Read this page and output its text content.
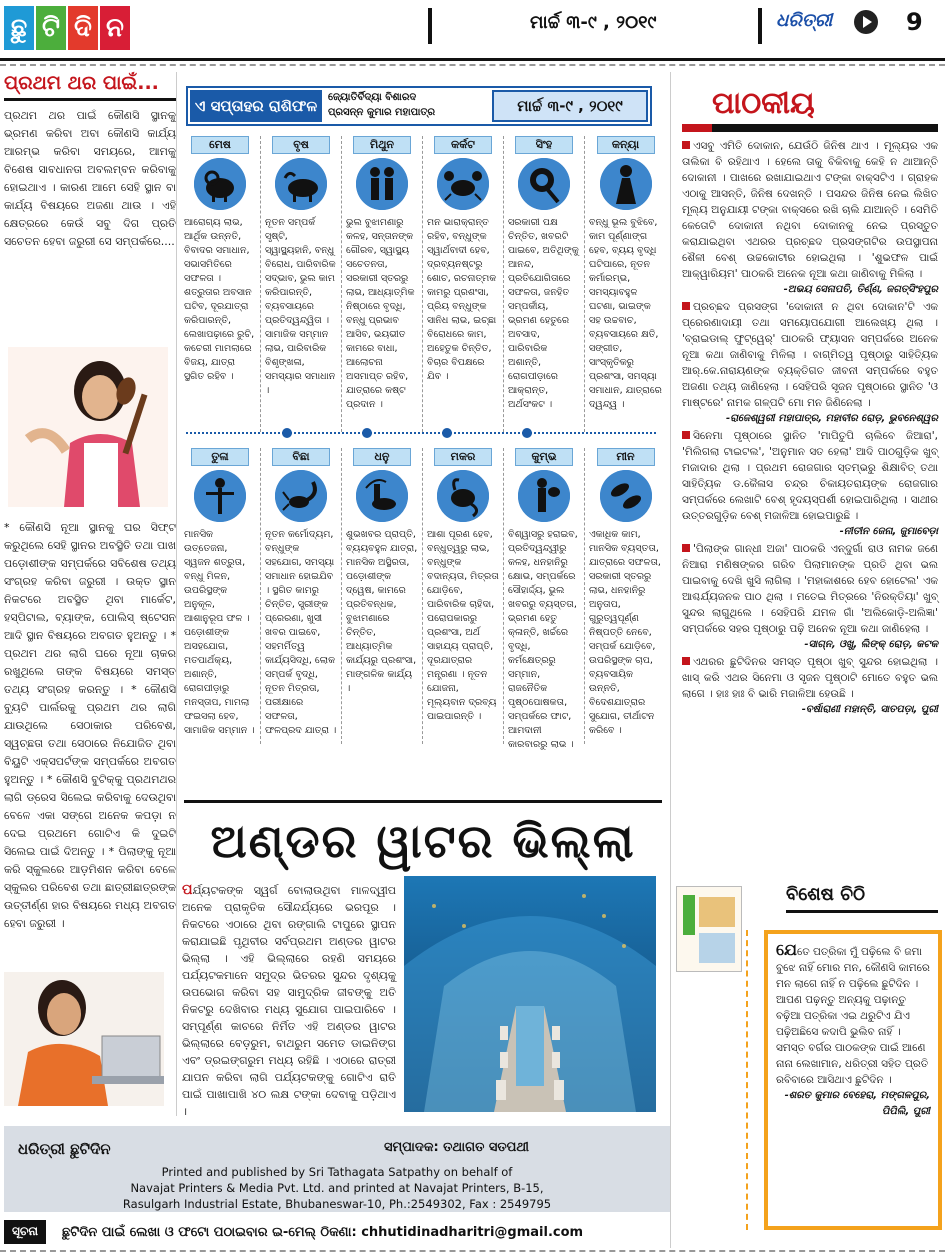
ଛୁ ଟି ଦି ନ	ମାର୍ଚ୍ଚ ୩-୯ , ୨୦୧୯	ଧରିତ୍ରୀ	9
ପ୍ରଥମ ଥର ପାଇଁ...

ପ୍ରଥମ ଥର ପାଇଁ କୌଣସି ସ୍ଥାନକୁ ଭ୍ରମଣ କରିବା ଅବା କୌଣସି କାର୍ଯ୍ୟ ଆରମ୍ଭ କରିବା ସମୟରେ, ଆମକୁ ବିଶେଷ ସାବଧାନତା ଅବଲମ୍ବନ କରିବାକୁ ହୋଇଥାଏ । କାରଣ ଆମେ ସେହି ସ୍ଥାନ ବା କାର୍ଯ୍ୟ ବିଷୟରେ ଅଜଣା ଥାଉ । ଏହି କ୍ଷେତ୍ରରେ କେଉଁ ସବୁ ଦିଗ ପ୍ରତି ସଚେତନ ହେବା ଜରୁରୀ ସେ ସମ୍ପର୍କରେ....

* କୌଣସି ନୂଆ ସ୍ଥାନକୁ ଘର ସିଫ୍ଟ କରୁଥିଲେ ସେହି ସ୍ଥାନର ଅବସ୍ଥିତି ତଥା ପାଖ ପଡ଼ୋଶୀଙ୍କ ସମ୍ପର୍କରେ ସବିଶେଷ ତଥ୍ୟ ସଂଗ୍ରହ କରିବା ଜରୁରୀ । ଉକ୍ତ ସ୍ଥାନ ନିକଟରେ ଅବସ୍ଥିତ ଥିବା ମାର୍କେଟ, ହସ୍ପିଟାଲ, ବ୍ୟାଙ୍କ, ପୋଲିସ୍ ଷ୍ଟେସନ ଆଦି ସ୍ଥାନ ବିଷୟରେ ଅବଗତ ହୁଅନ୍ତୁ । * ପ୍ରଥମ ଥର ଲାଗି ଘରେ ନୂଆ ଚାକର ରଖୁଥିଲେ ତାଙ୍କ ବିଷୟରେ ସମସ୍ତ ତଥ୍ୟ ସଂଗ୍ରହ କରନ୍ତୁ । * କୌଣସି ବ୍ୟୁଟି ପାର୍ଲରକୁ ପ୍ରଥମ ଥର ଲାଗି ଯାଉଥିଲେ ସେଠାକାର ପରିବେଶ, ସ୍ୱଚ୍ଛତା ତଥା ସେଠାରେ ନିଯୋଜିତ ଥିବା ବିୟୁଟି ଏକ୍ସପର୍ଟଙ୍କ ସମ୍ପର୍କରେ ଅବଗତ ହୁଅନ୍ତୁ । * କୌଣସି ବୁଟିକ୍‌କୁ ପ୍ରଥମଥର ଲାଗି ଡ୍ରେସ ସିଲେଇ କରିବାକୁ ଦେଉଥିବା ବେଳେ ଏକା ସଙ୍ଗେ ଅନେକ କପଡ଼ା ନ ଦେଇ ପ୍ରଥମେ ଗୋଟିଏ କି ଦୁଇଟି ସିଲେଇ ପାଇଁ ଦିଅନ୍ତୁ । * ପିଲାଙ୍କୁ ନୂଆ କରି ସ୍କୁଲରେ ଆଡ଼ମିଶନ କରିବା ବେଳେ ସ୍କୁଲର ପରିବେଶ ତଥା ଛାତ୍ରୀଛାତ୍ରଙ୍କ ଉତ୍ତୀର୍ଣ୍ଣ ହାର ବିଷୟରେ ମଧ୍ୟ ଅବଗତ ହେବା ଜରୁରୀ ।

ଏ ସପ୍ତାହର ରାଶିଫଳ	ଜ୍ୟୋତିର୍ବିଦ୍ୟା ବିଶାରଦ
ପ୍ରସନ୍ନ କୁମାର ମହାପାତ୍ର	ମାର୍ଚ୍ଚ ୩-୯ , ୨୦୧୯
ମେଷ
ଆରୋଗ୍ୟ ଲାଭ, ଆର୍ଥିକ ଉନ୍ନତି, ବିବାଦର ସମାଧାନ, ସଭାସମିତିରେ ସଫଳତା । ଶତ୍ରୁତାର ଅବସାନ ଘଟିବ, ଦୂରଯାତ୍ରା କରିପାରନ୍ତି, ଲେଖାପଢ଼ାରେ ରୁଚି, କଚେରୀ ମାମଲାରେ ବିଜୟ, ଯାତ୍ରା ସ୍ଥଗିତ ରହିବ ।
ବୃଷ
ନୂତନ ସମ୍ପର୍କ ସୃଷ୍ଟି, ସ୍ୱାସ୍ଥ୍ୟହାନି, ବନ୍ଧୁ ବିରୋଧ, ପାରିବାରିକ ସଦ୍‌ଭାବ, ଭୁଲ କାମ କରିପାରନ୍ତି, ବ୍ୟବସାୟରେ ପ୍ରତିଦ୍ୱନ୍ଦ୍ୱିତା । ସାମାଜିକ ସମ୍ମାନ ଲାଭ, ପାରିବାରିକ ବିଶୃଙ୍ଖଳା, ସମସ୍ୟାର ସମାଧାନ ।
ମିଥୁନ
ଭୁଲ ବୁଝାମଣାରୁ କଳହ, ସନ୍ତାନଙ୍କ ଗୌରବ, ସ୍ୱାସ୍ଥ୍ୟ ସଚେତନତା, ସରକାରୀ ସ୍ତରରୁ ଲାଭ, ଆଧ୍ୟାତ୍ମିକ ନିଷ୍ଠାରେ ବୃଦ୍ଧି, ବନ୍ଧୁ ପ୍ରଭାବ ଆସିବ, ଭୟଭୀତ କାମରେ ବାଧା, ଆଲୋଚନା ଅସମାପ୍ତ ରହିବ, ଯାତ୍ରାରେ କଷ୍ଟ ପ୍ରଦାନ ।
କର୍କଟ
ମନ ଭାରାକ୍ରାନ୍ତ ରହିବ, ବନ୍ଧୁଙ୍କ ସ୍ୱାର୍ଥବାଦୀ ହେବ, ଦ୍ରବ୍ୟନଷ୍ଟରୁ ଶୋଚ, ରଚନାତ୍ମକ କାମରୁ ପ୍ରଶଂସା, ପ୍ରିୟ ବନ୍ଧୁଙ୍କ ସାନିଧ ଲାଭ, ଇଚ୍ଛା ବିରୋଧରେ କାମ, ଅହେତୁକ ଚିନ୍ତିତ, ବିଚାର ବିପକ୍ଷରେ ଯିବ ।
ସିଂହ
ସରକାରୀ ପକ୍ଷ ଚିନ୍ତିତ, ଖବରଟି ପାଇବେ, ଅତିଥିଙ୍କୁ ଆନନ୍ଦ, ପ୍ରତିଯୋଗିତାରେ ସଫଳତା, ଜନହିତ ସମ୍ପର୍କୀୟ, ଭ୍ରମଣ ହେତୁରେ ଅବସାଦ, ପାରିବାରିକ ଅଶାନ୍ତି, ରୋଗପୀଡ଼ାରେ ଆକ୍ରାନ୍ତ, ଅର୍ଥସଂକଟ ।
କନ୍ୟା
ବନ୍ଧୁ ଭୂଲ ବୁଝିବେ, କାମ ପୂର୍ଣ୍ଣାଙ୍ଗ ହେବ, ବ୍ୟୟ ବୃଦ୍ଧି ଘଟିପାରେ, ନୂତନ କର୍ମାରମ୍ଭ, ସମସ୍ୟାବହୁଳ ଘଟଣା, ଭାଇଙ୍କ ସହ ଉଚ୍ଚବାଚ, ବ୍ୟବସାୟରେ କ୍ଷତି, ସଙ୍ଗୀତ, ସାଂସ୍କୃତିକରୁ ପ୍ରଶଂସା, ସମସ୍ୟା ସମାଧାନ, ଯାତ୍ରାରେ ଦ୍ୱନ୍ଦ୍ୱ ।
ତୁଳା
ମାନସିକ ଉତ୍ତେଜନା, ସ୍ୱଜନ ଶତ୍ରୁତା, ବନ୍ଧୁ ମିଳନ, ଉପରିସ୍ଥଙ୍କ ଅନୁକୂଳ, ଆଶାନୁରୂପ ଫଳ । ପଡ଼ୋଶୀଙ୍କ ଅସହଯୋଗ, ମତପାର୍ଥକ୍ୟ, ଅଶାନ୍ତି, ରୋଗପୀଡ଼ାରୁ ମନସ୍ତାପ, ମାମଲା ଫଇସଲା ହେବ, ସାମାଜିକ ସମ୍ମାନ ।
ବିଛା
ନୂତନ କର୍ମୋଦ୍ୟମ, ବନ୍ଧୁଙ୍କ ସହଯୋଗ, ସମସ୍ୟା ସମାଧାନ ହୋଇଯିବ । ସ୍ଥଗିତ କାମରୁ ଚିନ୍ତିତ, ସ୍ତ୍ରୀଙ୍କ ପ୍ରେରଣା, ଖୁସୀ ଖବର ପାଇବେ, ସହମର୍ମିତ୍ୱ କାର୍ଯ୍ୟସିଦ୍ଧି, ଲୋକ ସମ୍ପର୍କ ବୃଦ୍ଧି, ନୂତନ ମିତ୍ରତା, ପରୀକ୍ଷାରେ ସଫଳତା, ଫଳପ୍ରଦ ଯାତ୍ରା ।
ଧନୁ
ଶୁଭଖବର ପ୍ରାପ୍ତି, ବ୍ୟୟବହୁଳ ଯାତ୍ରା, ମାନସିକ ଅସ୍ଥିରତା, ପଡ଼ୋଶୀଙ୍କ ଦ୍ୱେଷ, କାମରେ ପ୍ରତିବନ୍ଧକ, ବୁଝାମଣାରେ ଚିନ୍ତିତ, ଆଧ୍ୟାତ୍ମିକ କାର୍ଯ୍ୟରୁ ପ୍ରଶଂସା, ମାଙ୍ଗଳିକ କାର୍ଯ୍ୟ ।
ମକର
ଆଶା ପୂରଣ ହେବ, ବନ୍ଧୁତ୍ୱରୁ ଲାଭ, ବନ୍ଧୁଙ୍କ ବଦାନ୍ୟତା, ମିତ୍ରତା ଯୋଡ଼ିବେ, ପାରିବାରିକ ଚାହିଦା, ପରୋପକାରରୁ ପ୍ରଶଂସା, ଅର୍ଥ ସାହାଯ୍ୟ ପ୍ରାପ୍ତି, ଦୂରଯାତ୍ରାର ମନ୍ତ୍ରଣା । ନୂତନ ଯୋଜନା, ମୂଲ୍ୟବାନ ଦ୍ରବ୍ୟ ପାଇପାରନ୍ତି ।
କୁମ୍ଭ
ବିଶ୍ୱାସରୁ ହରାଇବ, ପ୍ରତିଦ୍ୱନ୍ଦ୍ୱୀରୁ କଳହ, ଧନହାନିରୁ କ୍ଷୋଭ, ସମ୍ପର୍କରେ ସୌହାର୍ଦ୍ଦ୍ୟ, ଭୁଲ ଖବରରୁ ବ୍ୟସ୍ତତା, ଭ୍ରମଣ ହେତୁ କ୍ଳାନ୍ତି, ଖର୍ଚ୍ଚରେ ବୃଦ୍ଧି, କର୍ମକ୍ଷେତ୍ରରୁ ସମ୍ମାନ, ରାଜନୈତିକ ପୃଷ୍ଠପୋଷକତା, ସମ୍ପର୍କରେ ଫାଟ, ଆମଦାନୀ କାରବାରରୁ ଲାଭ ।
ମୀନ
ଏକାଧିକ କାମ, ମାନସିକ ବ୍ୟସ୍ତତା, ଯାତ୍ରାରେ ସଫଳତା, ସରକାରୀ ସ୍ତରରୁ ଲାଭ, ଧନହାନିରୁ ଅନୁତାପ, ଗୁରୁତ୍ୱପୂର୍ଣ୍ଣ ନିଷ୍ପତ୍ତି ନେବେ, ସମ୍ପର୍କ ଯୋଡ଼ିବେ, ଉପରିସ୍ଥଙ୍କ ଚାପ, ବ୍ୟବସାୟିକ ଉନ୍ନତି, ବିଦେଶଯାତ୍ରାର ସୁଯୋଗ, ତୀର୍ଥାଟନ କରିବେ ।
ଅଣ୍ଡର ୱାଟର ଭିଲ୍ଲା
ପର୍ଯ୍ୟଟକଙ୍କ ସ୍ୱର୍ଗ ବୋଲାଉଥିବା ମାଳଦ୍ୱୀପ ଅନେକ ପ୍ରାକୃତିକ ସୌନ୍ଦର୍ଯ୍ୟରେ ଭରପୂର । ନିକଟରେ ଏଠାରେ ଥିବା ରଙ୍ଗାଲି ଟାପୁରେ ସ୍ଥାପନ କରାଯାଇଛି ପୃଥିବୀର ସର୍ବପ୍ରଥମ ଅଣ୍ଡର ୱାଟର ଭିଲ୍ଲା । ଏହି ଭିଲ୍ଲାରେ ରହଣି ସମୟରେ ପର୍ଯ୍ୟଟକମାନେ ସମୁଦ୍ର ଭିତରର ସୁନ୍ଦର ଦୃଶ୍ୟକୁ ଉପଭୋଗ କରିବା ସହ ସାମୁଦ୍ରିକ ଜୀବଙ୍କୁ ଅତି ନିକଟରୁ ଦେଖିବାର ମଧ୍ୟ ସୁଯୋଗ ପାଇପାରିବେ । ସମ୍ପୂର୍ଣ୍ଣ କାଚରେ ନିର୍ମିତ ଏହି ଅଣ୍ଡର ୱାଟର ଭିଲ୍ଲାରେ ବେଡ଼ରୁମ, ବାଥରୁମ ସମେତ ଡାଇନିଙ୍ଗ ଏବଂ ଡ୍ରଇଙ୍ଗରୁମ ମଧ୍ୟ ରହିଛି । ଏଠାରେ ରାତ୍ରୀ ଯାପନ କରିବା ଲାଗି ପର୍ଯ୍ୟଟକଙ୍କୁ ଗୋଟିଏ ରାତି ପାଇଁ ପାଖାପାଖି ୪୦ ଲକ୍ଷ ଟଙ୍କା ଦେବାକୁ ପଡ଼ିଥାଏ ।
ପାଠକୀୟ

ଏସବୁ ଏମିତି ଦୋକାନ, ଯେଉଁଠି ଜିନିଷ ଥାଏ । ମୂଲ୍ୟର ଏକ ତାଲିକା ବି ରହିଥାଏ । ହେଲେ ତାକୁ ବିକିବାକୁ କେହି ନ ଥାଆନ୍ତି ଦୋକାନୀ । ପାଖରେ ରଖାଯାଇଥାଏ ଟଙ୍କା ବାକ୍ସଟିଏ । ଗ୍ରାହକ ଏଠାକୁ ଆସନ୍ତି, ଜିନିଷ ଦେଖନ୍ତି । ପସନ୍ଦର ଜିନିଷ ନେଇ ଲିଖିତ ମୂଲ୍ୟ ଅନୁଯାୟୀ ଟଙ୍କା ବାକ୍ସରେ ରଖି ଚାଲି ଯାଆନ୍ତି । ସେମିତି କେତୋଟି ଦୋକାନୀ ନଥିବା ଦୋକାନକୁ ନେଇ ପ୍ରସ୍ତୁତ କରାଯାଇଥିବା ଏଥରର ପ୍ରଚ୍ଛଦ ପ୍ରସଙ୍ଗଟିର ଉପସ୍ଥାପନା ଶୈଳୀ ବେଶ୍ ଉଚ୍ଚକୋଟୀର ହୋଇଥିଲା । 'ଶୁଭଫଳ ପାଇଁ ଆକ୍ୱାରିୟମ' ପାଠକରି ଅନେକ ନୂଆ କଥା ଜାଣିବାକୁ ମିଳିଲା ।

-ଅଭୟ ସେନାପତି, ତିର୍ଣ୍ଣ, ଜଗତ୍‌ସିଂହପୁର

ପ୍ରଚ୍ଛଦ ପ୍ରସଙ୍ଗ 'ଦୋକାନୀ ନ ଥିବା ଦୋକାନ'ଟି ଏକ ପ୍ରେରଣାଦାୟୀ ତଥା ସମୟୋପଯୋଗୀ ଆଲେଖ୍ୟ ଥିଲା । 'ବ୍ରାଇଡାଲ୍ ଫୁଟ୍‌ୱେର୍' ପାଠକରି ଫ୍ୟାସନ ସମ୍ପର୍କରେ ଅନେକ ନୂଆ କଥା ଜାଣିବାକୁ ମିଳିଲା । ବାଗ୍ମିତ୍ୱ ପୃଷ୍ଠାରୁ ସାହିତ୍ୟିକ ଆର୍.କେ.ନାରାୟଣଙ୍କ ବ୍ୟକ୍ତିଗତ ଜୀବନୀ ସମ୍ପର୍କରେ ବହୁତ ଅଜଣା ତଥ୍ୟ ଜାଣିହେଲା । ସେହିପରି ସୃଜନ ପୃଷ୍ଠାରେ ସ୍ଥାନିତ 'ଓ ମାଷ୍ଟରେ' ନାମକ ଗଳ୍ପଟି ମୋ ମନ ଜିଣିନେଲା ।

-ରାଜେଶ୍ୱରୀ ମହାପାତ୍ର, ମହାବୀର ରୋଡ଼, ଭୁବନେଶ୍ୱର

ସିନେମା ପୃଷ୍ଠାରେ ସ୍ଥାନିତ 'ମାପିତୁପି ଚାଲିବେ ଜିଆରା', 'ମିଲିଗଲା ଟାଇଟଲ', 'ଅନୁମାନ ସତ ହେଲା' ଆଦି ପାଠଗୁଡ଼ିକ ଖୁବ୍ ମଜାଦାର ଥିଲା । ପ୍ରଥମ ରୋଜଗାର ସ୍ତମ୍ଭରୁ ଶିକ୍ଷାବିତ୍ ତଥା ସାହିତ୍ୟିକ ଡ.କୈଳାସ ଚନ୍ଦ୍ର ଚିକାୟତରାୟଙ୍କ ରୋଜଗାର ସମ୍ପର୍କରେ ଲେଖାଟି ବେଶ୍ ହୃଦୟସ୍ପର୍ଶୀ ହୋଇପାରିଥିଲା । ସାଥୀର ଉତ୍ତରଗୁଡ଼ିକ ବେଶ୍ ମଜାଳିଆ ହୋଇପାରୁଛି ।

-ନୀତୀନ ଜେନା, ଜୁମାବେଡ଼ା

'ପିଲାଙ୍କ ଗାନ୍ଧୀ ଅଜା' ପାଠକରି ଏନ୍‌ଦୁର୍ଗା ରାଓ ନାମକ ଜଣେ ନିଆରା ମଣିଷଙ୍କର ଗରିବ ପିଲାମାନଙ୍କ ପ୍ରତି ଥିବା ଭଲ ପାଇବାକୁ ଦେଖି ଖୁସି ଲାଗିଲା । 'ମହାକାଶରେ ହେବ ହୋଟେଲ' ଏକ ଆଶ୍ଚର୍ଯ୍ୟଜନକ ପାଠ ଥିଲା । ମତେଇ ମିତ୍ରରେ 'ନିରକ୍ତିୟା' ଖୁବ୍ ସୁନ୍ଦର ଲାଗୁଥିଲେ । ସେହିପରି ଯମଳ ଗାଁ 'ଅଲିକୋଡ଼ି-ଅଲିଜ୍ଞା' ସମ୍ପର୍କରେ ସହର ପୃଷ୍ଠାରୁ ପଢ଼ି ଅନେକ ନୂଆ କଥା ଜାଣିହେଲା ।

-ସାଗ୍ନ, ଓଖୁ, ଲିଙ୍କ୍ ରୋଡ଼, କଟକ

ଏଥରର ଛୁଟିଦିନର ସମସ୍ତ ପୃଷ୍ଠା ଖୁବ୍ ସୁନ୍ଦର ହୋଇଥିଲା । ଖାସ୍ କରି ଏଥର ସିନେମା ଓ ସୃଜନ ପୃଷ୍ଠାଟି ମୋତେ ବହୁତ ଭଲ ଲାଗେ । ହାଃ ହାଃ ବି ଭାରି ମଜାଳିଆ ହେଉଛି ।

-ବର୍ଷାରାଣୀ ମହାନ୍ତି, ସାତପଡ଼ା, ପୁରୀ

ବିଶେଷ ଚିଠି
ଯେତେ ପତ୍ରିକା ମୁଁ ପଢ଼ିଲେ ବି ଜମା ବୁଝେ ନାହିଁ ମୋର ମନ, କୌଣସି କାମରେ ମନ ଲାଗେ ନାହିଁ ନ ପଢ଼ିଲେ ଛୁଟିଦିନ । ଆପଣ ପଢ଼ନ୍ତୁ ଅନ୍ୟକୁ ପଢ଼ାନ୍ତୁ ବଢ଼ିଆ ପତ୍ରିକା ଏଇ ଥରୁଟିଏ ଯିଏ ପଢ଼ିଅଛିସେ କଦାପି ଭୁଲିବ ନାହିଁ । ସମସ୍ତ ବର୍ଗର ପାଠକଙ୍କ ପାଇଁ ଆଣେ ନାନା ଲେଖାମାନ, ଧରିତ୍ରୀ ସହିତ ପ୍ରତି ରବିବାରେ ଆସିଥାଏ ଛୁଟିଦିନ ।

-ଶରତ କୁମାର ବେହେରା, ମଙ୍ଗଳପୁର, ପିପିଲି, ପୁରୀ

ଧରିତ୍ରୀ ଛୁଟିଦିନ	ସମ୍ପାଦକ: ତଥାଗତ ସତପଥୀ
Printed and published by Sri Tathagata Satpathy on behalf of
Navajat Printers & Media Pvt. Ltd. and printed at Navajat Printers, B-15,
Rasulgarh Industrial Estate, Bhubaneswar-10, Ph.:2549302, Fax : 2549795
ସୂଚନା	ଛୁଟିଦିନ ପାଇଁ ଲେଖା ଓ ଫଟୋ ପଠାଇବାର ଇ-ମେଲ୍ ଠିକଣା: chhutidinadharitri@gmail.com
